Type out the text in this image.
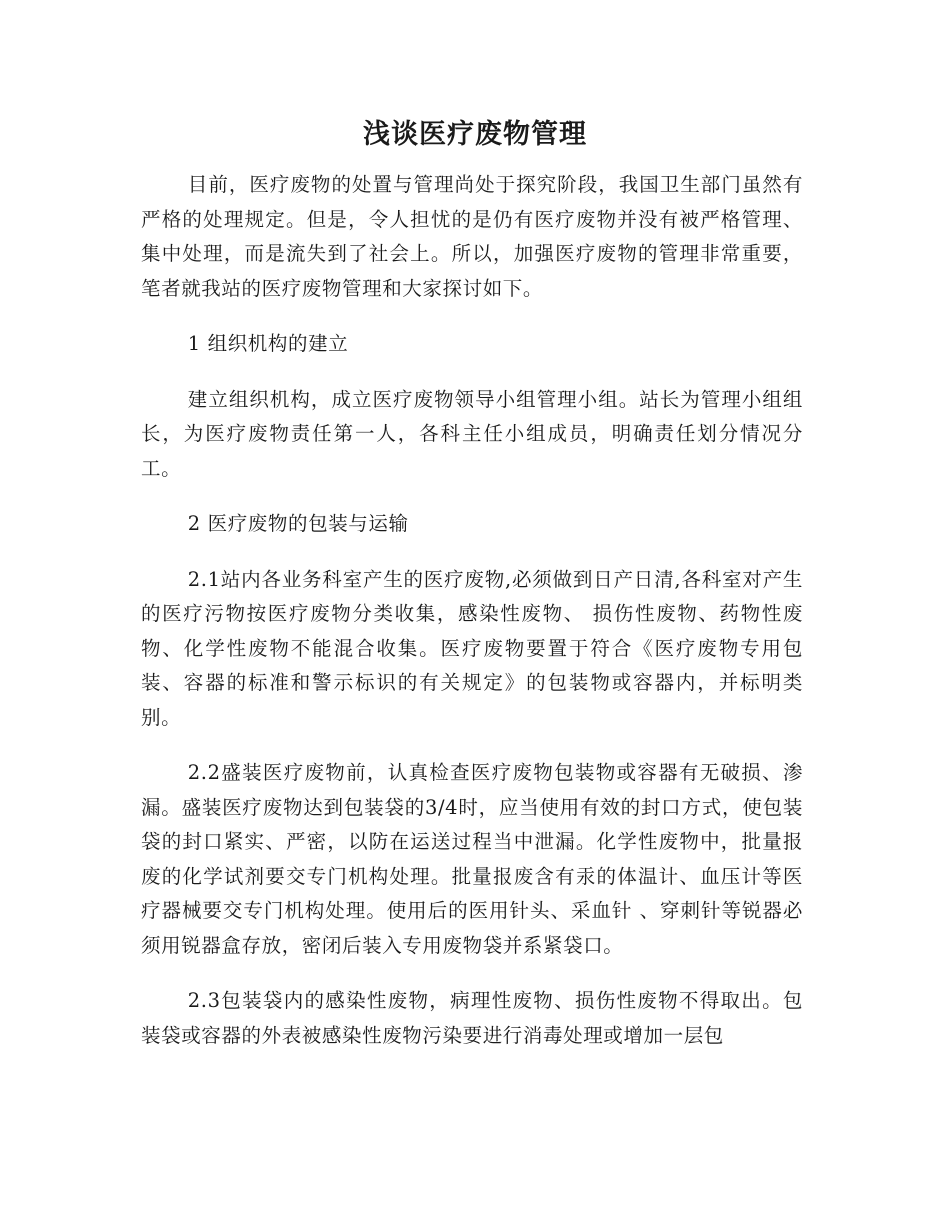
浅谈医疗废物管理

目前，医疗废物的处置与管理尚处于探究阶段，我国卫生部门虽然有严格的处理规定。但是，令人担忧的是仍有医疗废物并没有被严格管理、集中处理，而是流失到了社会上。所以，加强医疗废物的管理非常重要，笔者就我站的医疗废物管理和大家探讨如下。

1 组织机构的建立

建立组织机构，成立医疗废物领导小组管理小组。站长为管理小组组长，为医疗废物责任第一人，各科主任小组成员，明确责任划分情况分工。

2 医疗废物的包装与运输

2.1站内各业务科室产生的医疗废物,必须做到日产日清,各科室对产生的医疗污物按医疗废物分类收集，感染性废物、 损伤性废物、药物性废物、化学性废物不能混合收集。医疗废物要置于符合《医疗废物专用包装、容器的标准和警示标识的有关规定》的包装物或容器内，并标明类别。

2.2盛装医疗废物前，认真检查医疗废物包装物或容器有无破损、渗漏。盛装医疗废物达到包装袋的3/4时，应当使用有效的封口方式，使包装袋的封口紧实、严密，以防在运送过程当中泄漏。化学性废物中，批量报废的化学试剂要交专门机构处理。批量报废含有汞的体温计、血压计等医疗器械要交专门机构处理。使用后的医用针头、采血针 、穿刺针等锐器必须用锐器盒存放，密闭后装入专用废物袋并系紧袋口。

2.3包装袋内的感染性废物，病理性废物、损伤性废物不得取出。包装袋或容器的外表被感染性废物污染要进行消毒处理或增加一层包
